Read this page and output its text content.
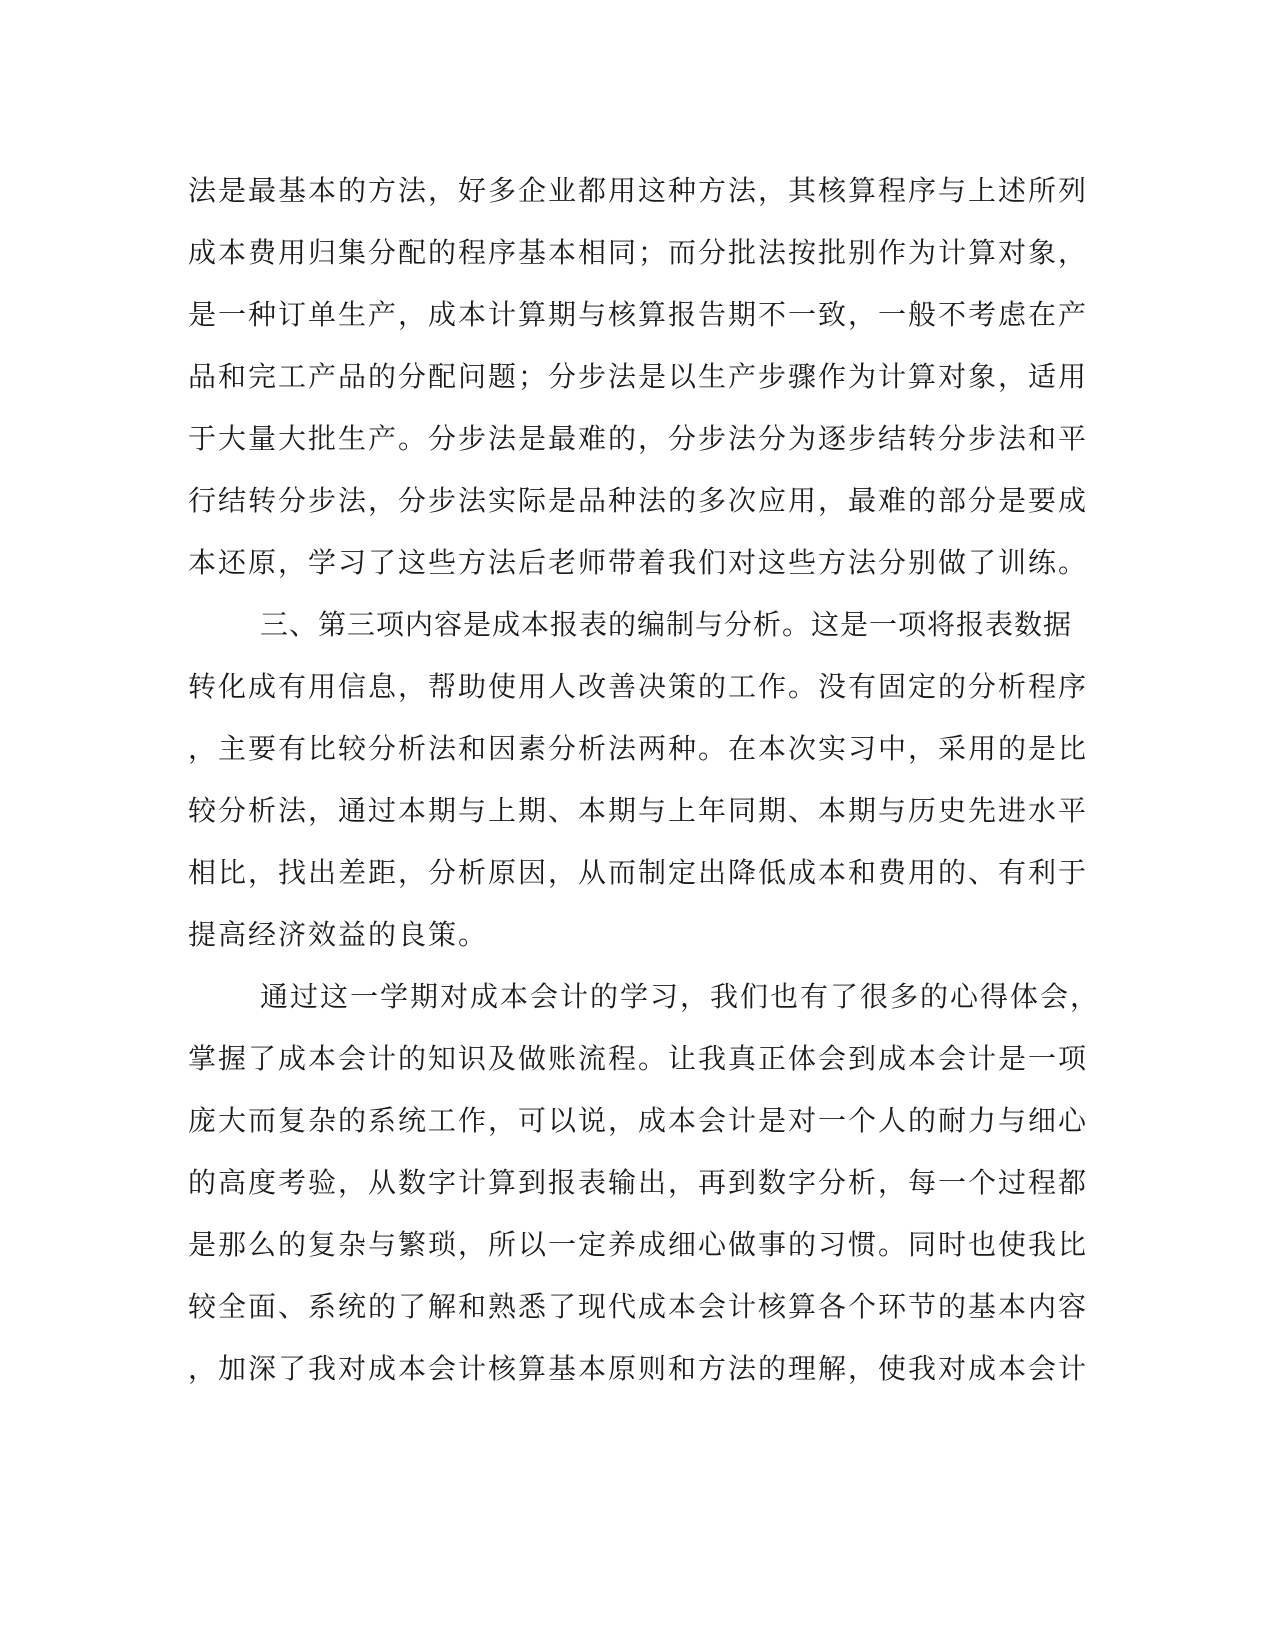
法是最基本的方法，好多企业都用这种方法，其核算程序与上述所列
成本费用归集分配的程序基本相同；而分批法按批别作为计算对象，
是一种订单生产，成本计算期与核算报告期不一致，一般不考虑在产
品和完工产品的分配问题；分步法是以生产步骤作为计算对象，适用
于大量大批生产。分步法是最难的，分步法分为逐步结转分步法和平
行结转分步法，分步法实际是品种法的多次应用，最难的部分是要成
本还原，学习了这些方法后老师带着我们对这些方法分别做了训练。
三、第三项内容是成本报表的编制与分析。这是一项将报表数据
转化成有用信息，帮助使用人改善决策的工作。没有固定的分析程序
，主要有比较分析法和因素分析法两种。在本次实习中，采用的是比
较分析法，通过本期与上期、本期与上年同期、本期与历史先进水平
相比，找出差距，分析原因，从而制定出降低成本和费用的、有利于
提高经济效益的良策。
通过这一学期对成本会计的学习，我们也有了很多的心得体会，
掌握了成本会计的知识及做账流程。让我真正体会到成本会计是一项
庞大而复杂的系统工作，可以说，成本会计是对一个人的耐力与细心
的高度考验，从数字计算到报表输出，再到数字分析，每一个过程都
是那么的复杂与繁琐，所以一定养成细心做事的习惯。同时也使我比
较全面、系统的了解和熟悉了现代成本会计核算各个环节的基本内容
，加深了我对成本会计核算基本原则和方法的理解，使我对成本会计
